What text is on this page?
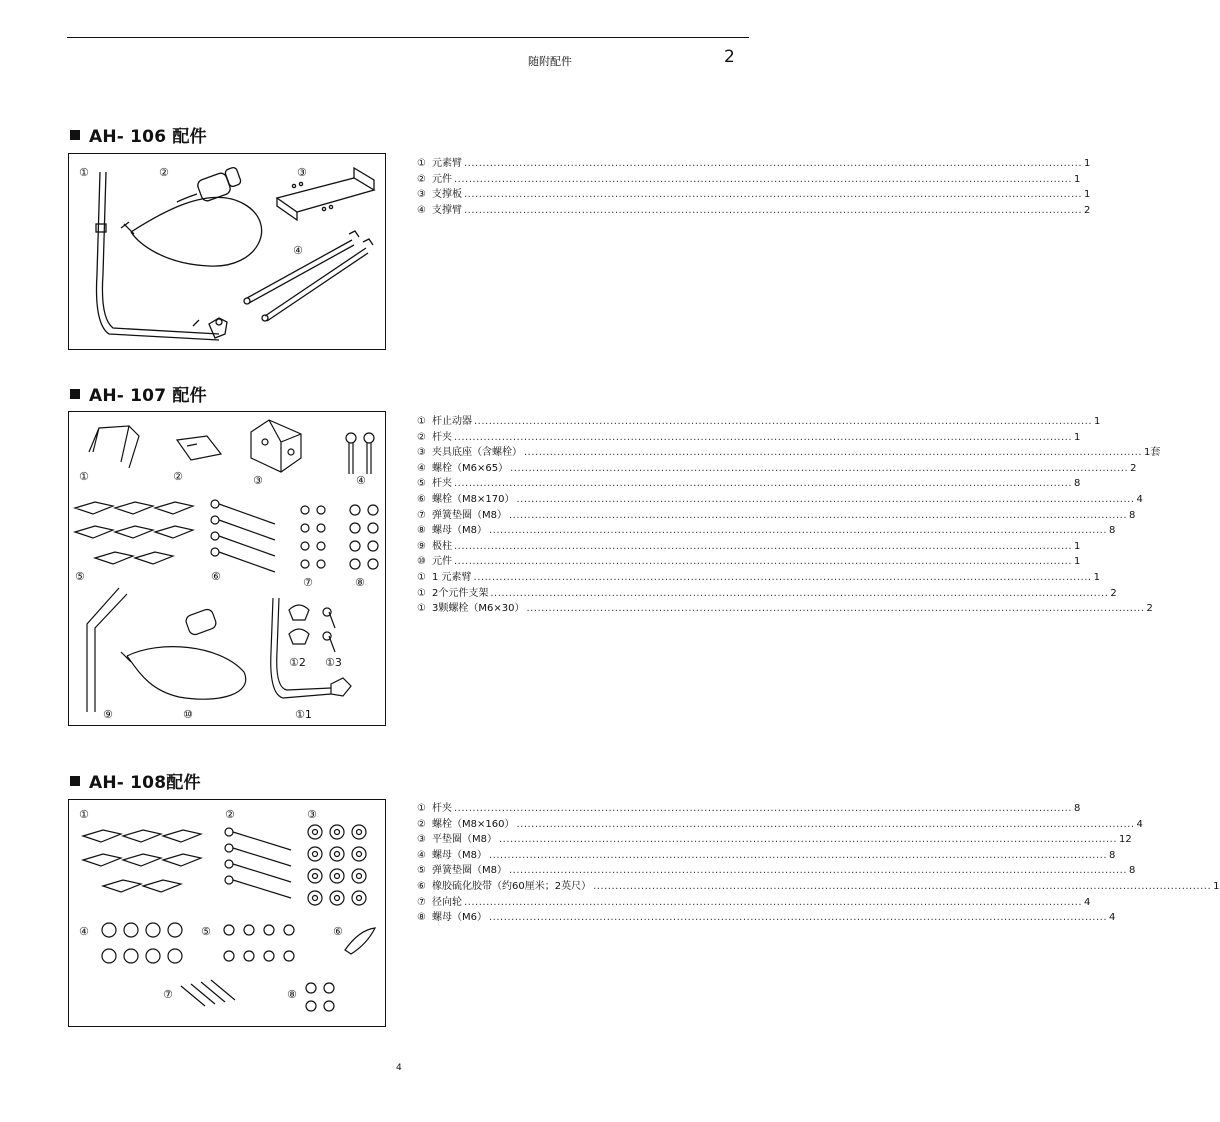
随附配件	2
AH- 106 配件
①	②	③
④
① 元素臂 ........................................................................................................................................................................ 1
② 元件 ........................................................................................................................................................................ 1
③ 支撑板 ........................................................................................................................................................................ 1
④ 支撑臂 ........................................................................................................................................................................ 2
AH- 107 配件
①	②	③	④
⑤	⑥	⑦	⑧
⑨	⑩	①1
①2 ①3
① 杆止动器 ........................................................................................................................................................................ 1
② 杆夹 ........................................................................................................................................................................ 1
③ 夹具底座（含螺栓） ........................................................................................................................................................................ 1套
④ 螺栓（M6×65） ........................................................................................................................................................................ 2
⑤ 杆夹 ........................................................................................................................................................................ 8
⑥ 螺栓（M8×170） ........................................................................................................................................................................ 4
⑦ 弹簧垫圈（M8） ........................................................................................................................................................................ 8
⑧ 螺母（M8） ........................................................................................................................................................................ 8
⑨ 极柱 ........................................................................................................................................................................ 1
⑩ 元件 ........................................................................................................................................................................ 1
① 1 元素臂 ........................................................................................................................................................................ 1
① 2个元件支架 ........................................................................................................................................................................ 2
① 3颗螺栓（M6×30） ........................................................................................................................................................................ 2
AH- 108配件
①	②	③
④	⑤	⑥
⑦	⑧
① 杆夹 ........................................................................................................................................................................ 8
② 螺栓（M8×160） ........................................................................................................................................................................ 4
③ 平垫圈（M8） ........................................................................................................................................................................ 12
④ 螺母（M8） ........................................................................................................................................................................ 8
⑤ 弹簧垫圈（M8） ........................................................................................................................................................................ 8
⑥ 橡胶硫化胶带（约60厘米；2英尺） ........................................................................................................................................................................ 1
⑦ 径向轮 ........................................................................................................................................................................ 4
⑧ 螺母（M6） ........................................................................................................................................................................ 4
4
